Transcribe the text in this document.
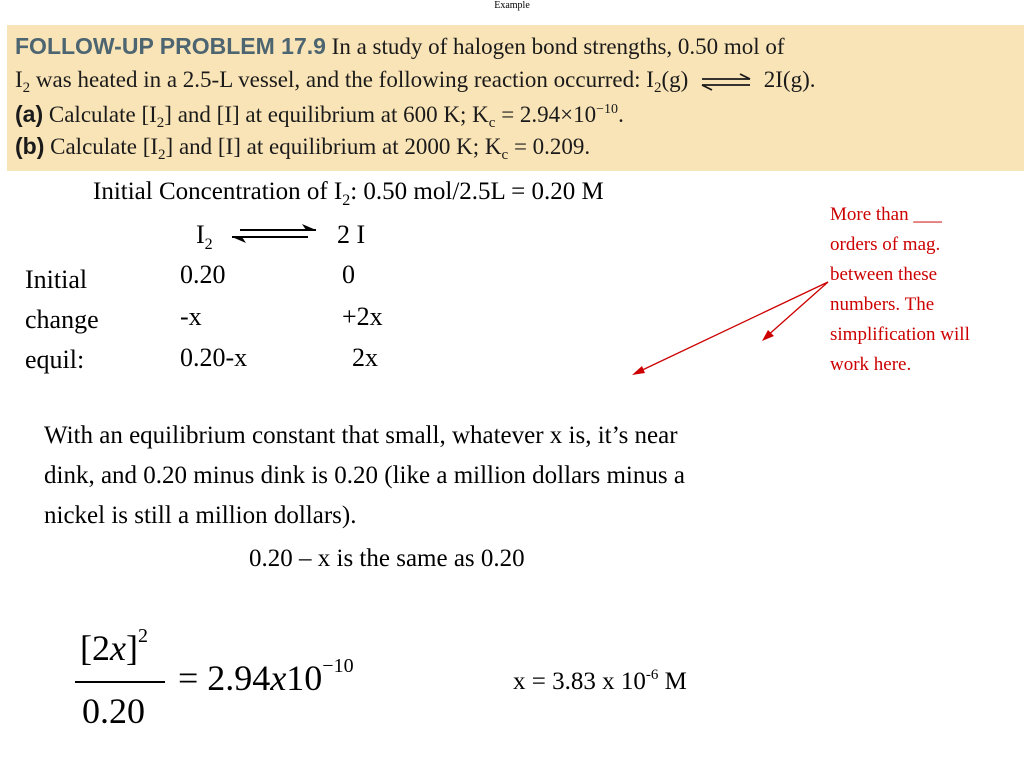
Example
FOLLOW-UP PROBLEM 17.9 In a study of halogen bond strengths, 0.50 mol of
$I_2$ was heated in a 2.5-L vessel, and the following reaction occurred: $I_2(g)$ ⇌ 2I(g).
(a) Calculate $[I_2]$ and [I] at equilibrium at 600 K; $K_c = 2.94\times 10^{-10}$.
(b) Calculate $[I_2]$ and [I] at equilibrium at 2000 K; $K_c = 0.209$.
Initial Concentration of $I_2$: 0.50 mol/2.5L = 0.20 M
$I_2$	2 I
Initial
change
equil:
0.20
-x
0.20-x
0
+2x
2x
More than ___
orders of mag.
between these
numbers. The
simplification will
work here.
With an equilibrium constant that small, whatever x is, it’s near
dink, and 0.20 minus dink is 0.20 (like a million dollars minus a
nickel is still a million dollars).
0.20 – x is the same as 0.20
$[2x]^2$
0.20
= $2.94x10^{-10}$
x = 3.83 x $10^{-6}$ M
